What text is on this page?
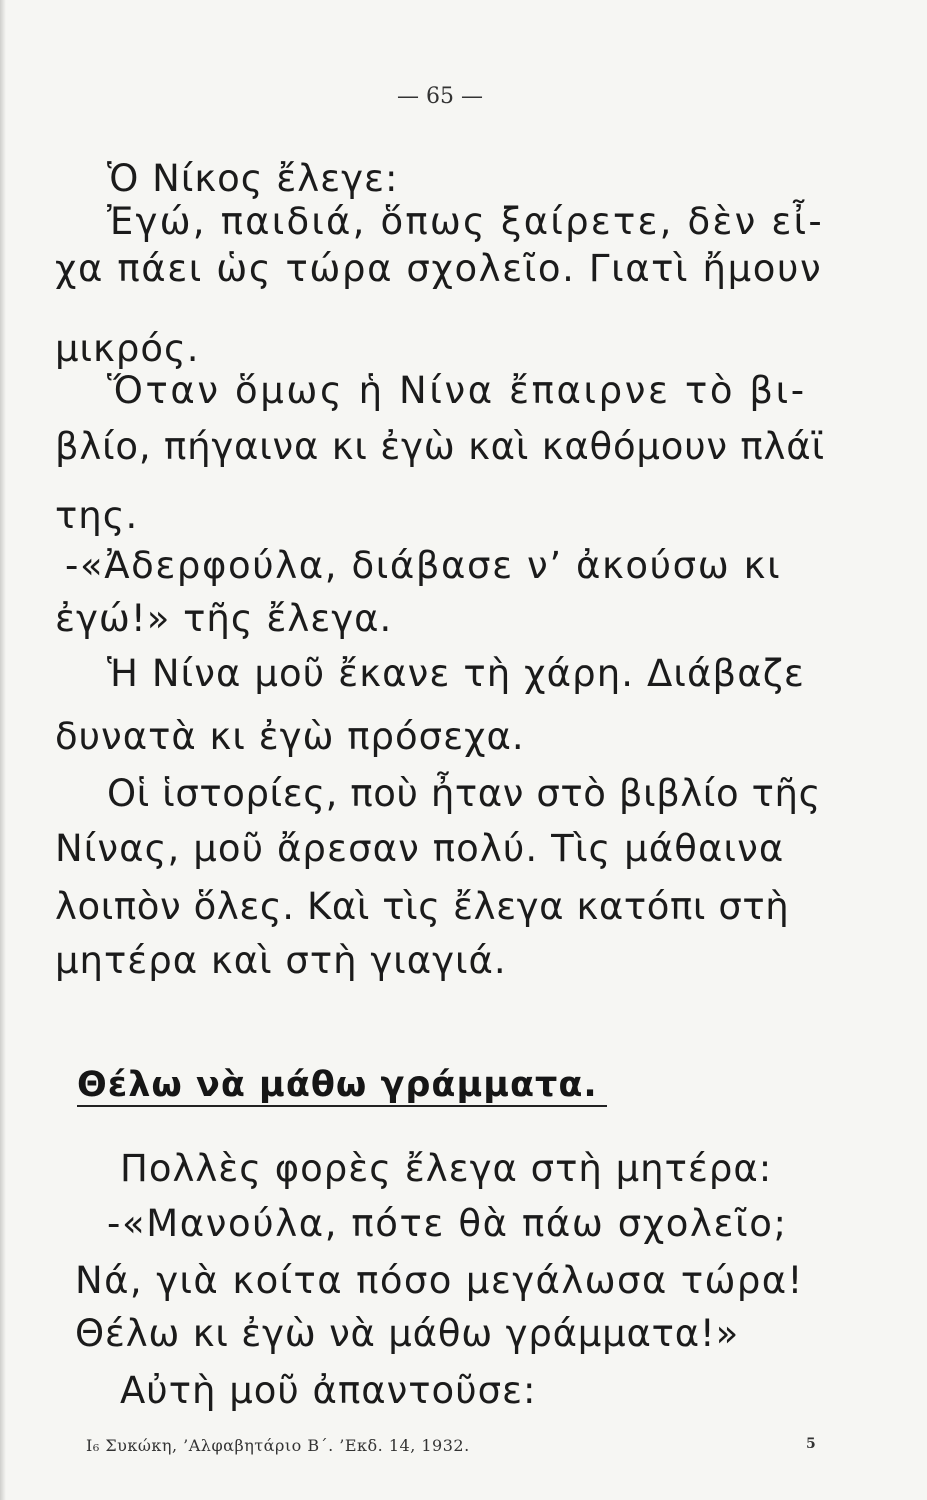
— 65 —
Ὁ Νίκος ἔλεγε:
Ἐγώ, παιδιά, ὅπως ξαίρετε, δὲν εἶ-
χα πάει ὡς τώρα σχολεῖο. Γιατὶ ἤμουν
μικρός.
Ὅταν ὅμως ἡ Νίνα ἔπαιρνε τὸ βι-
βλίο, πήγαινα κι ἐγὼ καὶ καθόμουν πλάϊ
της.
-«Ἀδερφούλα, διάβασε ν’ ἀκούσω κι
ἐγώ!» τῆς ἔλεγα.
Ἡ Νίνα μοῦ ἔκανε τὴ χάρη. Διάβαζε
δυνατὰ κι ἐγὼ πρόσεχα.
Οἱ ἱστορίες, ποὺ ἦταν στὸ βιβλίο τῆς
Νίνας, μοῦ ἄρεσαν πολύ. Τὶς μάθαινα
λοιπὸν ὅλες. Καὶ τὶς ἔλεγα κατόπι στὴ
μητέρα καὶ στὴ γιαγιά.
Θέλω νὰ μάθω γράμματα.
Πολλὲς φορὲς ἔλεγα στὴ μητέρα:
-«Μανούλα, πότε θὰ πάω σχολεῖο;
Νά, γιὰ κοίτα πόσο μεγάλωσα τώρα!
Θέλω κι ἐγὼ νὰ μάθω γράμματα!»
Αὐτὴ μοῦ ἀπαντοῦσε:
I₆ Συκώκη, ’Αλφαβητάριο Β΄. ’Εκδ. 14, 1932.	5
